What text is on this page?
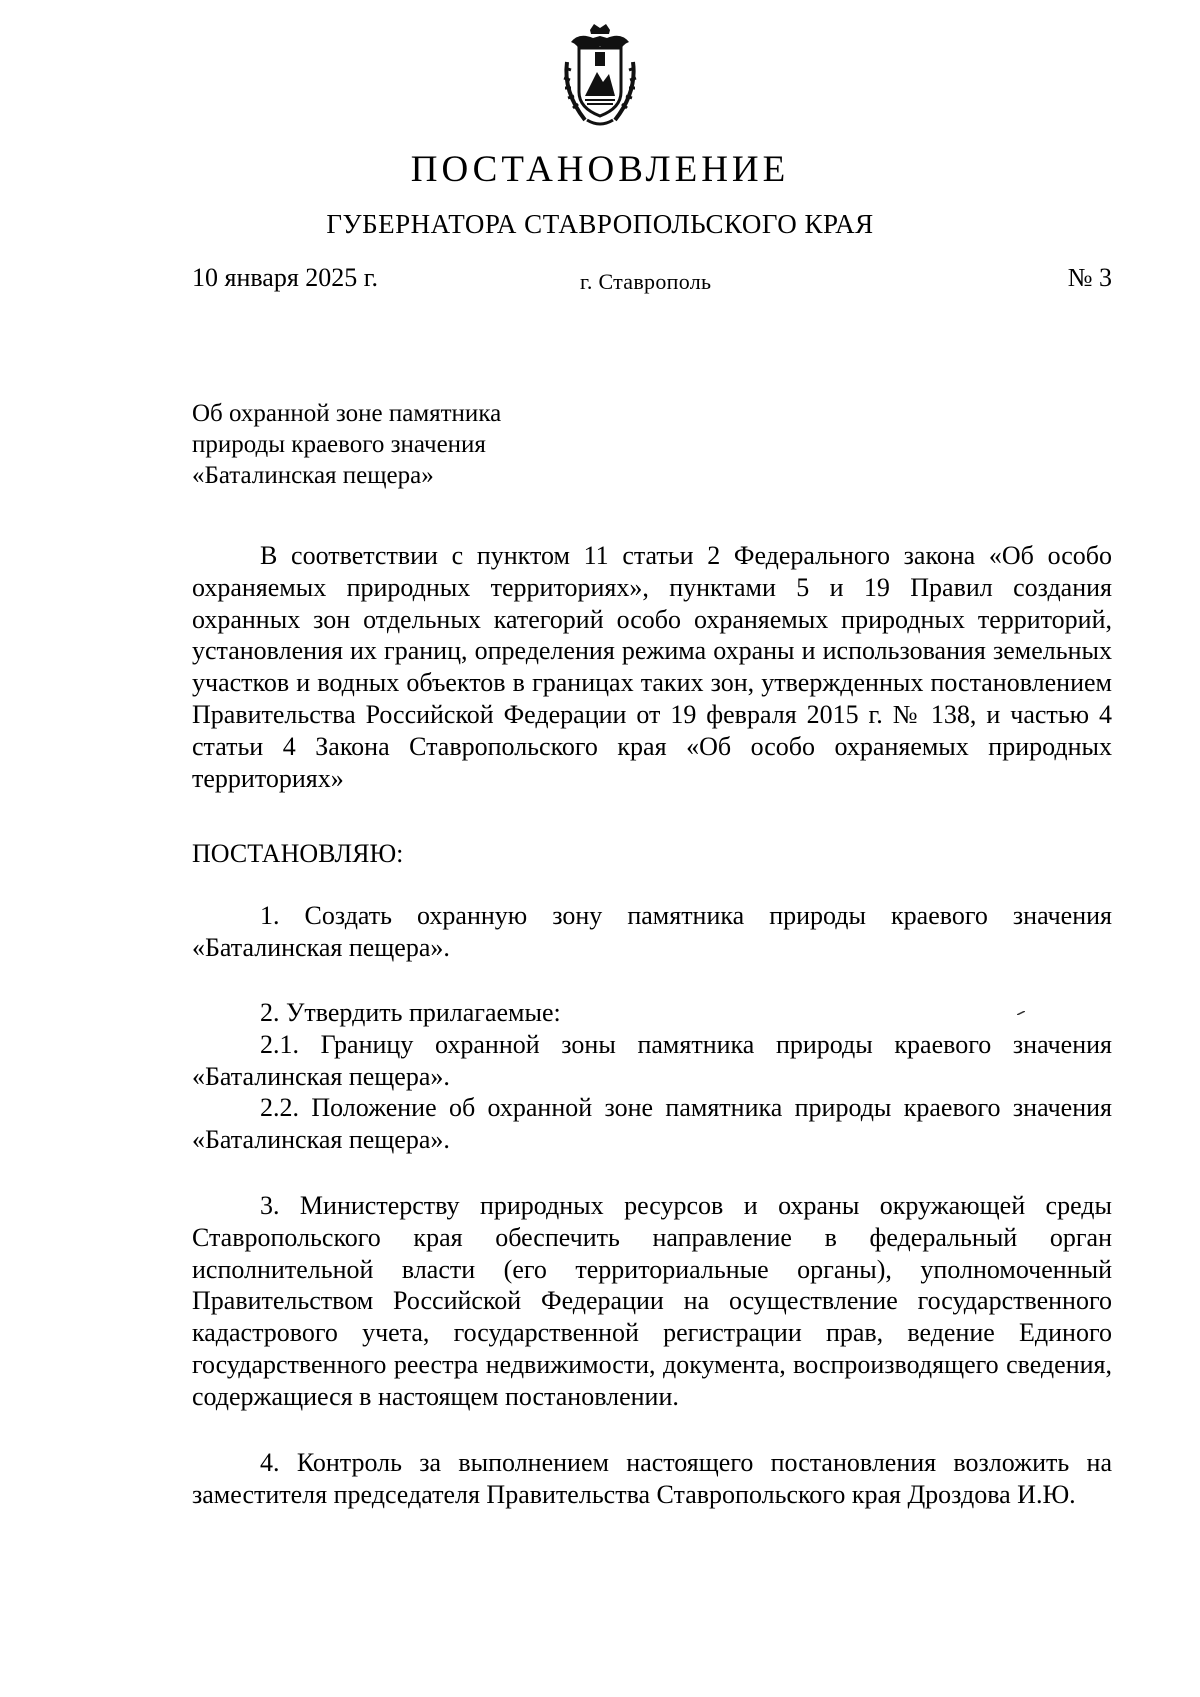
ПОСТАНОВЛЕНИЕ
ГУБЕРНАТОРА СТАВРОПОЛЬСКОГО КРАЯ
10 января 2025 г.	г. Ставрополь	№ 3
Об охранной зоне памятника
природы краевого значения
«Баталинская пещера»

В соответствии с пунктом 11 статьи 2 Федерального закона «Об особо охраняемых природных территориях», пунктами 5 и 19 Правил создания охранных зон отдельных категорий особо охраняемых природных территорий, установления их границ, определения режима охраны и использования земельных участков и водных объектов в границах таких зон, утвержденных постановлением Правительства Российской Федерации от 19 февраля 2015 г. № 138, и частью 4 статьи 4 Закона Ставропольского края «Об особо охраняемых природных территориях»

ПОСТАНОВЛЯЮ:

1. Создать охранную зону памятника природы краевого значения «Баталинская пещера».

2. Утвердить прилагаемые:

2.1. Границу охранной зоны памятника природы краевого значения «Баталинская пещера».

2.2. Положение об охранной зоне памятника природы краевого значения «Баталинская пещера».

3. Министерству природных ресурсов и охраны окружающей среды Ставропольского края обеспечить направление в федеральный орган исполнительной власти (его территориальные органы), уполномоченный Правительством Российской Федерации на осуществление государственного кадастрового учета, государственной регистрации прав, ведение Единого государственного реестра недвижимости, документа, воспроизводящего сведения, содержащиеся в настоящем постановлении.

4. Контроль за выполнением настоящего постановления возложить на заместителя председателя Правительства Ставропольского края Дроздова И.Ю.
